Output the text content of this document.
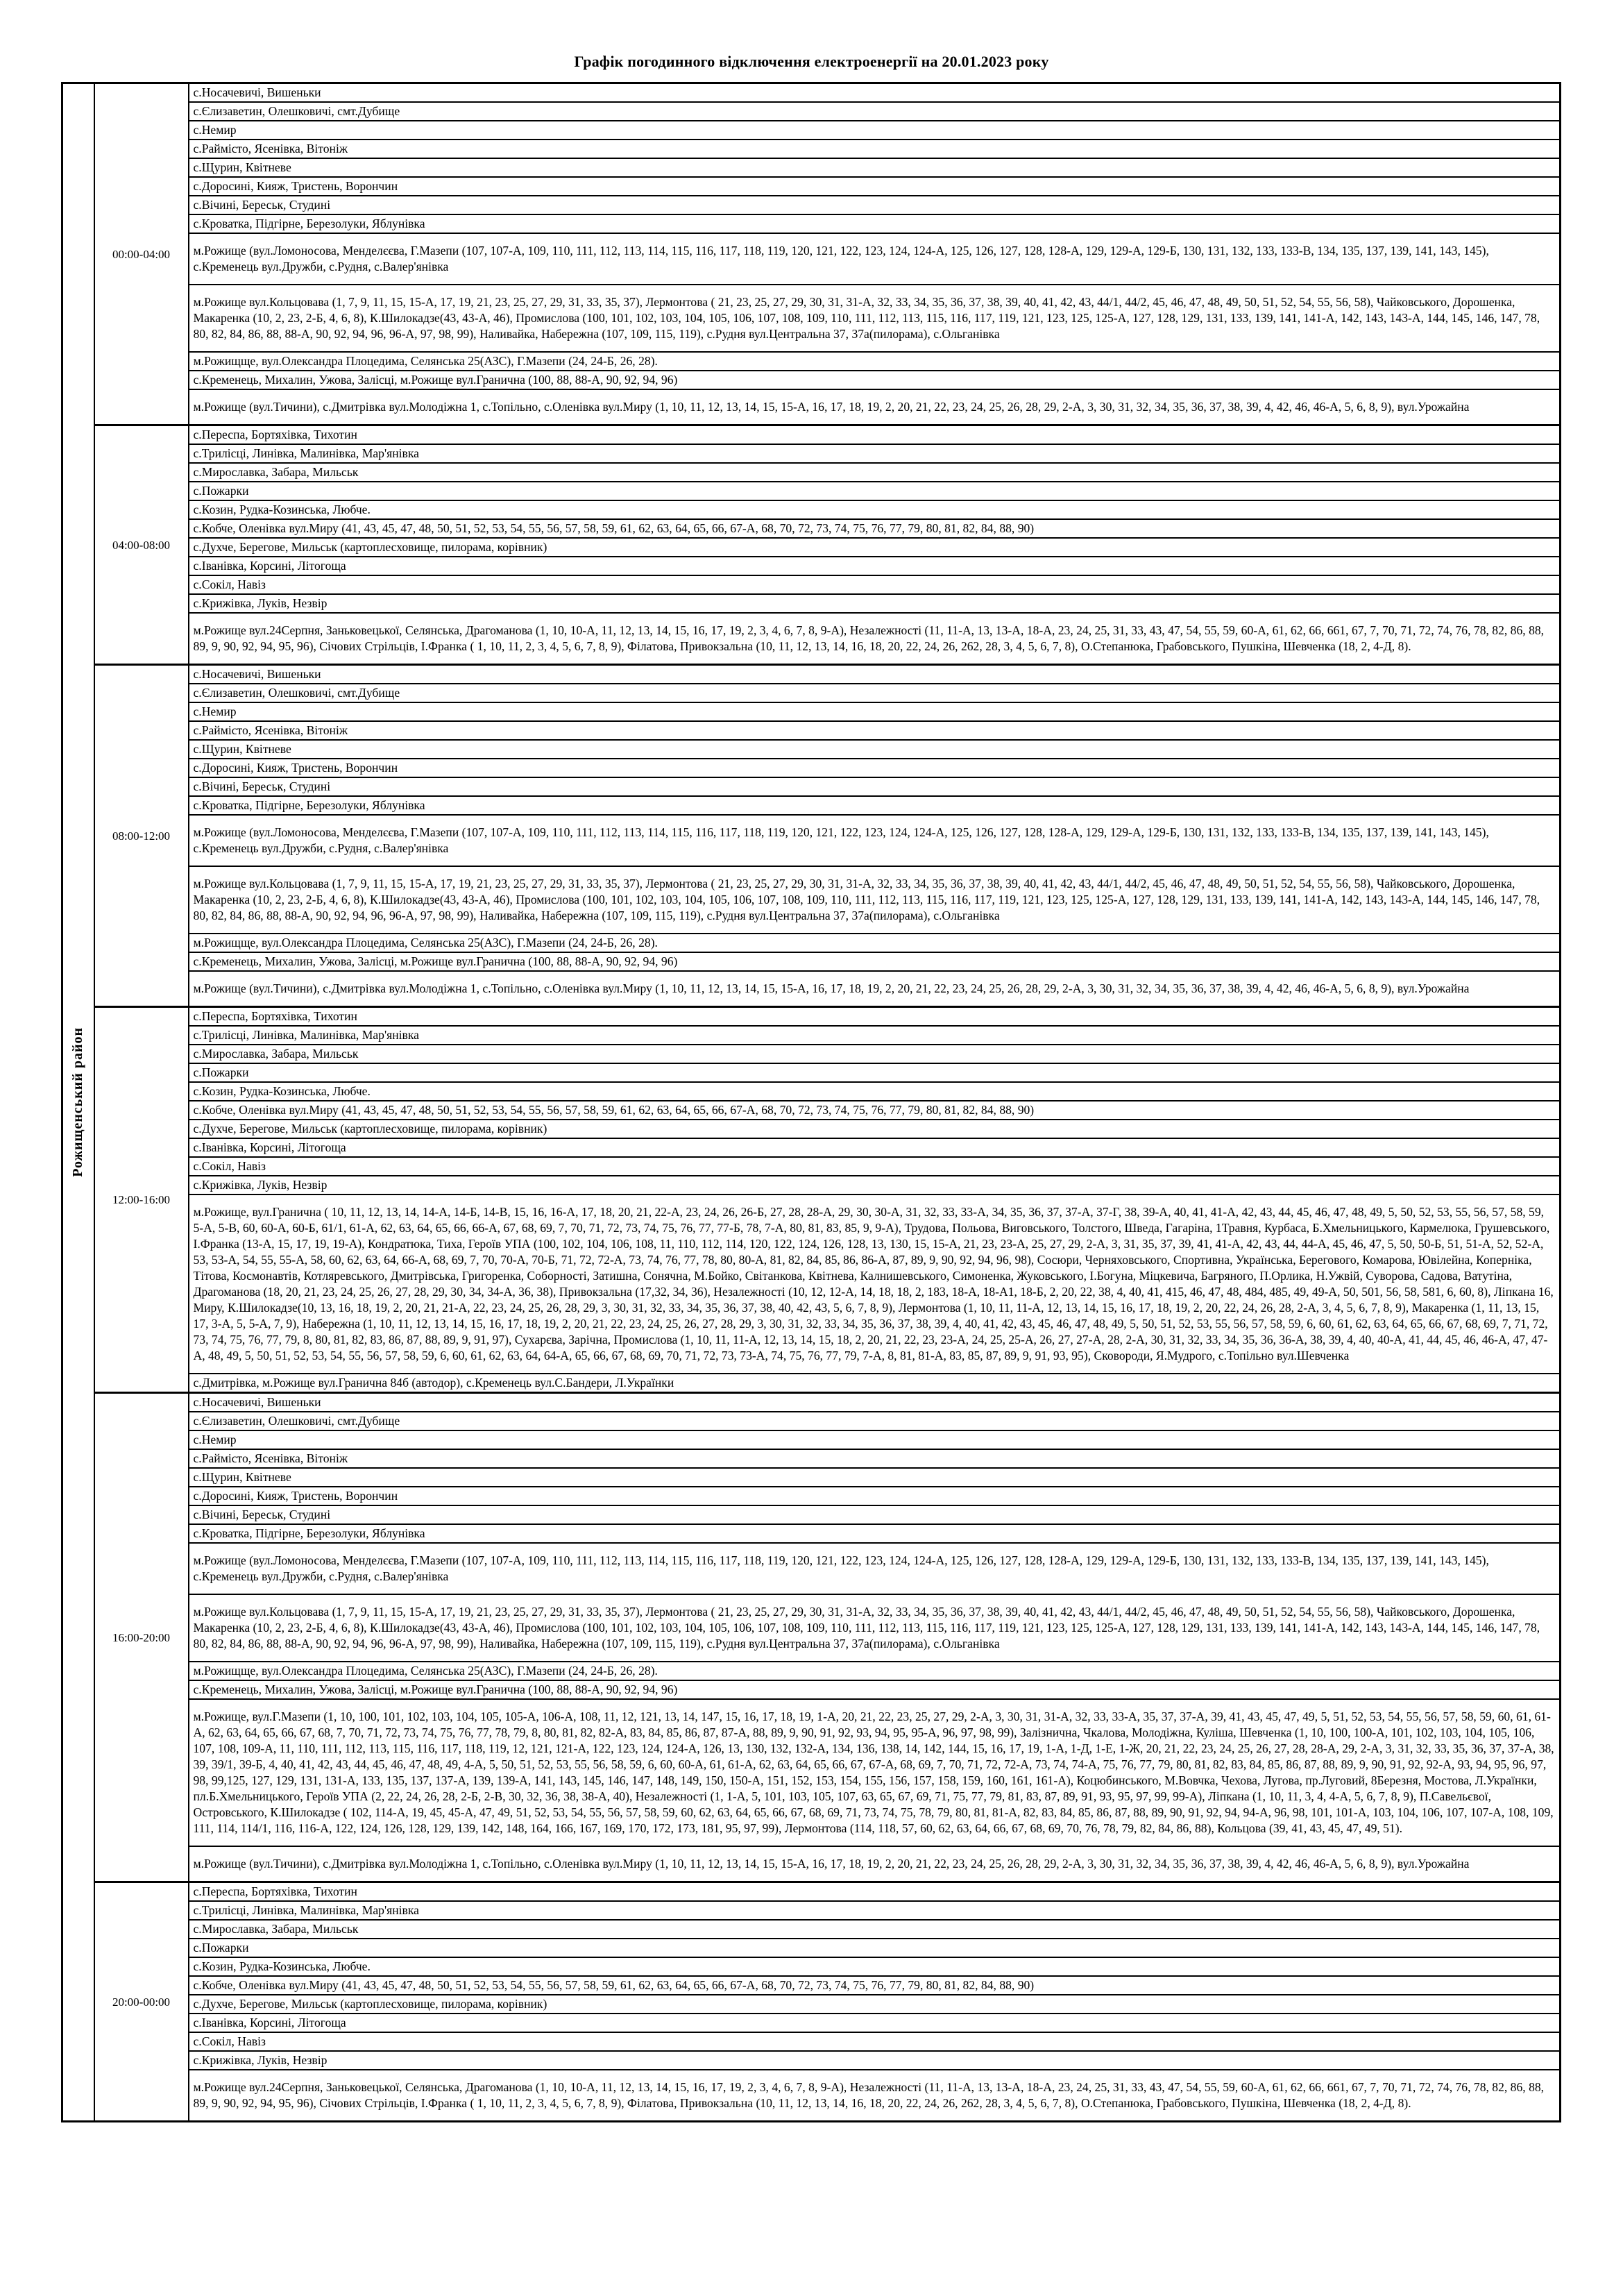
Графік погодинного відключення електроенергії на 20.01.2023 року
Рожищенський район	00:00-04:00	с.Носачевичі, Вишеньки
		с.Єлизаветин, Олешковичі, смт.Дубище
		с.Немир
		с.Раймісто, Ясенівка, Вітоніж
		с.Щурин, Квітневе
		с.Доросині, Кияж, Тристень, Ворончин
		с.Вічині, Береськ, Студині
		с.Кроватка, Підгірне, Березолуки, Яблунівка
		м.Рожище (вул.Ломоносова, Менделєєва, Г.Мазепи (107, 107-А, 109, 110, 111, 112, 113, 114, 115, 116, 117, 118, 119, 120, 121, 122, 123, 124, 124-А, 125, 126, 127, 128, 128-А, 129, 129-А, 129-Б, 130, 131, 132, 133, 133-В, 134, 135, 137, 139, 141, 143, 145), с.Кременець вул.Дружби, с.Рудня, с.Валер'янівка
		м.Рожище вул.Кольцовава (1, 7, 9, 11, 15, 15-А, 17, 19, 21, 23, 25, 27, 29, 31, 33, 35, 37), Лермонтова ( 21, 23, 25, 27, 29, 30, 31, 31-А, 32, 33, 34, 35, 36, 37, 38, 39, 40, 41, 42, 43, 44/1, 44/2, 45, 46, 47, 48, 49, 50, 51, 52, 54, 55, 56, 58), Чайковського, Дорошенка, Макаренка (10, 2, 23, 2-Б, 4, 6, 8), К.Шилокадзе(43, 43-А, 46), Промислова (100, 101, 102, 103, 104, 105, 106, 107, 108, 109, 110, 111, 112, 113, 115, 116, 117, 119, 121, 123, 125, 125-А, 127, 128, 129, 131, 133, 139, 141, 141-А, 142, 143, 143-А, 144, 145, 146, 147, 78, 80, 82, 84, 86, 88, 88-А, 90, 92, 94, 96, 96-А, 97, 98, 99), Наливайка, Набережна (107, 109, 115, 119), с.Рудня вул.Центральна 37, 37а(пилорама), с.Ольганівка
		м.Рожищще, вул.Олександра Плоцедима, Селянська 25(АЗС), Г.Мазепи (24, 24-Б, 26, 28).
		с.Кременець, Михалин, Ужова, Залісці, м.Рожище вул.Гранична (100, 88, 88-А, 90, 92, 94, 96)
		м.Рожище (вул.Тичини), с.Дмитрівка вул.Молодіжна 1, с.Топільно, с.Оленівка вул.Миру (1, 10, 11, 12, 13, 14, 15, 15-А, 16, 17, 18, 19, 2, 20, 21, 22, 23, 24, 25, 26, 28, 29, 2-А, 3, 30, 31, 32, 34, 35, 36, 37, 38, 39, 4, 42, 46, 46-А, 5, 6, 8, 9), вул.Урожайна
	04:00-08:00	с.Переспа, Бортяхівка, Тихотин
		с.Трилісці, Линівка, Малинівка, Мар'янівка
		с.Мирославка, Забара, Мильськ
		с.Пожарки
		с.Козин, Рудка-Козинська, Любче.
		с.Кобче, Оленівка вул.Миру (41, 43, 45, 47, 48, 50, 51, 52, 53, 54, 55, 56, 57, 58, 59, 61, 62, 63, 64, 65, 66, 67-А, 68, 70, 72, 73, 74, 75, 76, 77, 79, 80, 81, 82, 84, 88, 90)
		с.Духче, Берегове, Мильськ (картоплесховище, пилорама, корівник)
		с.Іванівка, Корсині, Літогоща
		с.Сокіл, Навіз
		с.Крижівка, Луків, Незвір
		м.Рожище вул.24Серпня, Заньковецької, Селянська, Драгоманова (1, 10, 10-А, 11, 12, 13, 14, 15, 16, 17, 19, 2, 3, 4, 6, 7, 8, 9-А), Незалежності (11, 11-А, 13, 13-А, 18-А, 23, 24, 25, 31, 33, 43, 47, 54, 55, 59, 60-А, 61, 62, 66, 661, 67, 7, 70, 71, 72, 74, 76, 78, 82, 86, 88, 89, 9, 90, 92, 94, 95, 96), Січових Стрільців, І.Франка ( 1, 10, 11, 2, 3, 4, 5, 6, 7, 8, 9), Філатова, Привокзальна (10, 11, 12, 13, 14, 16, 18, 20, 22, 24, 26, 262, 28, 3, 4, 5, 6, 7, 8), О.Степанюка, Грабовського, Пушкіна, Шевченка (18, 2, 4-Д, 8).
	08:00-12:00	с.Носачевичі, Вишеньки
		с.Єлизаветин, Олешковичі, смт.Дубище
		с.Немир
		с.Раймісто, Ясенівка, Вітоніж
		с.Щурин, Квітневе
		с.Доросині, Кияж, Тристень, Ворончин
		с.Вічині, Береськ, Студині
		с.Кроватка, Підгірне, Березолуки, Яблунівка
		м.Рожище (вул.Ломоносова, Менделєєва, Г.Мазепи (107, 107-А, 109, 110, 111, 112, 113, 114, 115, 116, 117, 118, 119, 120, 121, 122, 123, 124, 124-А, 125, 126, 127, 128, 128-А, 129, 129-А, 129-Б, 130, 131, 132, 133, 133-В, 134, 135, 137, 139, 141, 143, 145), с.Кременець вул.Дружби, с.Рудня, с.Валер'янівка
		м.Рожище вул.Кольцовава (1, 7, 9, 11, 15, 15-А, 17, 19, 21, 23, 25, 27, 29, 31, 33, 35, 37), Лермонтова ( 21, 23, 25, 27, 29, 30, 31, 31-А, 32, 33, 34, 35, 36, 37, 38, 39, 40, 41, 42, 43, 44/1, 44/2, 45, 46, 47, 48, 49, 50, 51, 52, 54, 55, 56, 58), Чайковського, Дорошенка, Макаренка (10, 2, 23, 2-Б, 4, 6, 8), К.Шилокадзе(43, 43-А, 46), Промислова (100, 101, 102, 103, 104, 105, 106, 107, 108, 109, 110, 111, 112, 113, 115, 116, 117, 119, 121, 123, 125, 125-А, 127, 128, 129, 131, 133, 139, 141, 141-А, 142, 143, 143-А, 144, 145, 146, 147, 78, 80, 82, 84, 86, 88, 88-А, 90, 92, 94, 96, 96-А, 97, 98, 99), Наливайка, Набережна (107, 109, 115, 119), с.Рудня вул.Центральна 37, 37а(пилорама), с.Ольганівка
		м.Рожищще, вул.Олександра Плоцедима, Селянська 25(АЗС), Г.Мазепи (24, 24-Б, 26, 28).
		с.Кременець, Михалин, Ужова, Залісці, м.Рожище вул.Гранична (100, 88, 88-А, 90, 92, 94, 96)
		м.Рожище (вул.Тичини), с.Дмитрівка вул.Молодіжна 1, с.Топільно, с.Оленівка вул.Миру (1, 10, 11, 12, 13, 14, 15, 15-А, 16, 17, 18, 19, 2, 20, 21, 22, 23, 24, 25, 26, 28, 29, 2-А, 3, 30, 31, 32, 34, 35, 36, 37, 38, 39, 4, 42, 46, 46-А, 5, 6, 8, 9), вул.Урожайна
	12:00-16:00	с.Переспа, Бортяхівка, Тихотин
		с.Трилісці, Линівка, Малинівка, Мар'янівка
		с.Мирославка, Забара, Мильськ
		с.Пожарки
		с.Козин, Рудка-Козинська, Любче.
		с.Кобче, Оленівка вул.Миру (41, 43, 45, 47, 48, 50, 51, 52, 53, 54, 55, 56, 57, 58, 59, 61, 62, 63, 64, 65, 66, 67-А, 68, 70, 72, 73, 74, 75, 76, 77, 79, 80, 81, 82, 84, 88, 90)
		с.Духче, Берегове, Мильськ (картоплесховище, пилорама, корівник)
		с.Іванівка, Корсині, Літогоща
		с.Сокіл, Навіз
		с.Крижівка, Луків, Незвір
		м.Рожище, вул.Гранична ( 10, 11, 12, 13, 14, 14-А, 14-Б, 14-В, 15, 16, 16-А, 17, 18, 20, 21, 22-А, 23, 24, 26, 26-Б, 27, 28, 28-А, 29, 30, 30-А, 31, 32, 33, 33-А, 34, 35, 36, 37, 37-А, 37-Г, 38, 39-А, 40, 41, 41-А, 42, 43, 44, 45, 46, 47, 48, 49, 5, 50, 52, 53, 55, 56, 57, 58, 59, 5-А, 5-В, 60, 60-А, 60-Б, 61/1, 61-А, 62, 63, 64, 65, 66, 66-А, 67, 68, 69, 7, 70, 71, 72, 73, 74, 75, 76, 77, 77-Б, 78, 7-А, 80, 81, 83, 85, 9, 9-А), Трудова, Польова, Виговського, Толстого, Шведа, Гагаріна, 1Травня, Курбаса, Б.Хмельницького, Кармелюка, Грушевського, І.Франка (13-А, 15, 17, 19, 19-А), Кондратюка, Тиха, Героїв УПА (100, 102, 104, 106, 108, 11, 110, 112, 114, 120, 122, 124, 126, 128, 13, 130, 15, 15-А, 21, 23, 23-А, 25, 27, 29, 2-А, 3, 31, 35, 37, 39, 41, 41-А, 42, 43, 44, 44-А, 45, 46, 47, 5, 50, 50-Б, 51, 51-А, 52, 52-А, 53, 53-А, 54, 55, 55-А, 58, 60, 62, 63, 64, 66-А, 68, 69, 7, 70, 70-А, 70-Б, 71, 72, 72-А, 73, 74, 76, 77, 78, 80, 80-А, 81, 82, 84, 85, 86, 86-А, 87, 89, 9, 90, 92, 94, 96, 98), Сосюри, Черняховського, Спортивна, Українська, Берегового, Комарова, Ювілейна, Коперніка, Тітова, Космонавтів, Котляревського, Дмитрівська, Григоренка, Соборності, Затишна, Сонячна, М.Бойко, Світанкова, Квітнева, Калнишевського, Симоненка, Жуковського, І.Богуна, Міцкевича, Багряного, П.Орлика, Н.Ужвій, Суворова, Садова, Ватутіна, Драгоманова (18, 20, 21, 23, 24, 25, 26, 27, 28, 29, 30, 34, 34-А, 36, 38), Привокзальна (17,32, 34, 36), Незалежності (10, 12, 12-А, 14, 18, 18, 2, 183, 18-А, 18-А1, 18-Б, 2, 20, 22, 38, 4, 40, 41, 415, 46, 47, 48, 484, 485, 49, 49-А, 50, 501, 56, 58, 581, 6, 60, 8), Ліпкана 16, Миру, К.Шилокадзе(10, 13, 16, 18, 19, 2, 20, 21, 21-А, 22, 23, 24, 25, 26, 28, 29, 3, 30, 31, 32, 33, 34, 35, 36, 37, 38, 40, 42, 43, 5, 6, 7, 8, 9), Лермонтова (1, 10, 11, 11-А, 12, 13, 14, 15, 16, 17, 18, 19, 2, 20, 22, 24, 26, 28, 2-А, 3, 4, 5, 6, 7, 8, 9), Макаренка (1, 11, 13, 15, 17, 3-А, 5, 5-А, 7, 9), Набережна (1, 10, 11, 12, 13, 14, 15, 16, 17, 18, 19, 2, 20, 21, 22, 23, 24, 25, 26, 27, 28, 29, 3, 30, 31, 32, 33, 34, 35, 36, 37, 38, 39, 4, 40, 41, 42, 43, 45, 46, 47, 48, 49, 5, 50, 51, 52, 53, 55, 56, 57, 58, 59, 6, 60, 61, 62, 63, 64, 65, 66, 67, 68, 69, 7, 71, 72, 73, 74, 75, 76, 77, 79, 8, 80, 81, 82, 83, 86, 87, 88, 89, 9, 91, 97), Сухарєва, Зарічна, Промислова (1, 10, 11, 11-А, 12, 13, 14, 15, 18, 2, 20, 21, 22, 23, 23-А, 24, 25, 25-А, 26, 27, 27-А, 28, 2-А, 30, 31, 32, 33, 34, 35, 36, 36-А, 38, 39, 4, 40, 40-А, 41, 44, 45, 46, 46-А, 47, 47-А, 48, 49, 5, 50, 51, 52, 53, 54, 55, 56, 57, 58, 59, 6, 60, 61, 62, 63, 64, 64-А, 65, 66, 67, 68, 69, 70, 71, 72, 73, 73-А, 74, 75, 76, 77, 79, 7-А, 8, 81, 81-А, 83, 85, 87, 89, 9, 91, 93, 95), Сковороди, Я.Мудрого, с.Топільно вул.Шевченка
		с.Дмитрівка, м.Рожище вул.Гранична 84б (автодор), с.Кременець вул.С.Бандери, Л.Українки
	16:00-20:00	с.Носачевичі, Вишеньки
		с.Єлизаветин, Олешковичі, смт.Дубище
		с.Немир
		с.Раймісто, Ясенівка, Вітоніж
		с.Щурин, Квітневе
		с.Доросині, Кияж, Тристень, Ворончин
		с.Вічині, Береськ, Студині
		с.Кроватка, Підгірне, Березолуки, Яблунівка
		м.Рожище (вул.Ломоносова, Менделєєва, Г.Мазепи (107, 107-А, 109, 110, 111, 112, 113, 114, 115, 116, 117, 118, 119, 120, 121, 122, 123, 124, 124-А, 125, 126, 127, 128, 128-А, 129, 129-А, 129-Б, 130, 131, 132, 133, 133-В, 134, 135, 137, 139, 141, 143, 145), с.Кременець вул.Дружби, с.Рудня, с.Валер'янівка
		м.Рожище вул.Кольцовава (1, 7, 9, 11, 15, 15-А, 17, 19, 21, 23, 25, 27, 29, 31, 33, 35, 37), Лермонтова ( 21, 23, 25, 27, 29, 30, 31, 31-А, 32, 33, 34, 35, 36, 37, 38, 39, 40, 41, 42, 43, 44/1, 44/2, 45, 46, 47, 48, 49, 50, 51, 52, 54, 55, 56, 58), Чайковського, Дорошенка, Макаренка (10, 2, 23, 2-Б, 4, 6, 8), К.Шилокадзе(43, 43-А, 46), Промислова (100, 101, 102, 103, 104, 105, 106, 107, 108, 109, 110, 111, 112, 113, 115, 116, 117, 119, 121, 123, 125, 125-А, 127, 128, 129, 131, 133, 139, 141, 141-А, 142, 143, 143-А, 144, 145, 146, 147, 78, 80, 82, 84, 86, 88, 88-А, 90, 92, 94, 96, 96-А, 97, 98, 99), Наливайка, Набережна (107, 109, 115, 119), с.Рудня вул.Центральна 37, 37а(пилорама), с.Ольганівка
		м.Рожищще, вул.Олександра Плоцедима, Селянська 25(АЗС), Г.Мазепи (24, 24-Б, 26, 28).
		с.Кременець, Михалин, Ужова, Залісці, м.Рожище вул.Гранична (100, 88, 88-А, 90, 92, 94, 96)
		м.Рожище, вул.Г.Мазепи (1, 10, 100, 101, 102, 103, 104, 105, 105-А, 106-А, 108, 11, 12, 121, 13, 14, 147, 15, 16, 17, 18, 19, 1-А, 20, 21, 22, 23, 25, 27, 29, 2-А, 3, 30, 31, 31-А, 32, 33, 33-А, 35, 37, 37-А, 39, 41, 43, 45, 47, 49, 5, 51, 52, 53, 54, 55, 56, 57, 58, 59, 60, 61, 61-А, 62, 63, 64, 65, 66, 67, 68, 7, 70, 71, 72, 73, 74, 75, 76, 77, 78, 79, 8, 80, 81, 82, 82-А, 83, 84, 85, 86, 87, 87-А, 88, 89, 9, 90, 91, 92, 93, 94, 95, 95-А, 96, 97, 98, 99), Залізнична, Чкалова, Молодіжна, Куліша, Шевченка (1, 10, 100, 100-А, 101, 102, 103, 104, 105, 106, 107, 108, 109-А, 11, 110, 111, 112, 113, 115, 116, 117, 118, 119, 12, 121, 121-А, 122, 123, 124, 124-А, 126, 13, 130, 132, 132-А, 134, 136, 138, 14, 142, 144, 15, 16, 17, 19, 1-А, 1-Д, 1-Е, 1-Ж, 20, 21, 22, 23, 24, 25, 26, 27, 28, 28-А, 29, 2-А, 3, 31, 32, 33, 35, 36, 37, 37-А, 38, 39, 39/1, 39-Б, 4, 40, 41, 42, 43, 44, 45, 46, 47, 48, 49, 4-А, 5, 50, 51, 52, 53, 55, 56, 58, 59, 6, 60, 60-А, 61, 61-А, 62, 63, 64, 65, 66, 67, 67-А, 68, 69, 7, 70, 71, 72, 72-А, 73, 74, 74-А, 75, 76, 77, 79, 80, 81, 82, 83, 84, 85, 86, 87, 88, 89, 9, 90, 91, 92, 92-А, 93, 94, 95, 96, 97, 98, 99,125, 127, 129, 131, 131-А, 133, 135, 137, 137-А, 139, 139-А, 141, 143, 145, 146, 147, 148, 149, 150, 150-А, 151, 152, 153, 154, 155, 156, 157, 158, 159, 160, 161, 161-А), Коцюбинського, М.Вовчка, Чехова, Лугова, пр.Луговий, 8Березня, Мостова, Л.Українки, пл.Б.Хмельницького, Героїв УПА (2, 22, 24, 26, 28, 2-Б, 2-В, 30, 32, 36, 38, 38-А, 40), Незалежності (1, 1-А, 5, 101, 103, 105, 107, 63, 65, 67, 69, 71, 75, 77, 79, 81, 83, 87, 89, 91, 93, 95, 97, 99, 99-А), Ліпкана (1, 10, 11, 3, 4, 4-А, 5, 6, 7, 8, 9), П.Савельєвої, Островського, К.Шилокадзе ( 102, 114-А, 19, 45, 45-А, 47, 49, 51, 52, 53, 54, 55, 56, 57, 58, 59, 60, 62, 63, 64, 65, 66, 67, 68, 69, 71, 73, 74, 75, 78, 79, 80, 81, 81-А, 82, 83, 84, 85, 86, 87, 88, 89, 90, 91, 92, 94, 94-А, 96, 98, 101, 101-А, 103, 104, 106, 107, 107-А, 108, 109, 111, 114, 114/1, 116, 116-А, 122, 124, 126, 128, 129, 139, 142, 148, 164, 166, 167, 169, 170, 172, 173, 181, 95, 97, 99), Лермонтова (114, 118, 57, 60, 62, 63, 64, 66, 67, 68, 69, 70, 76, 78, 79, 82, 84, 86, 88), Кольцова (39, 41, 43, 45, 47, 49, 51).
		м.Рожище (вул.Тичини), с.Дмитрівка вул.Молодіжна 1, с.Топільно, с.Оленівка вул.Миру (1, 10, 11, 12, 13, 14, 15, 15-А, 16, 17, 18, 19, 2, 20, 21, 22, 23, 24, 25, 26, 28, 29, 2-А, 3, 30, 31, 32, 34, 35, 36, 37, 38, 39, 4, 42, 46, 46-А, 5, 6, 8, 9), вул.Урожайна
	20:00-00:00	с.Переспа, Бортяхівка, Тихотин
		с.Трилісці, Линівка, Малинівка, Мар'янівка
		с.Мирославка, Забара, Мильськ
		с.Пожарки
		с.Козин, Рудка-Козинська, Любче.
		с.Кобче, Оленівка вул.Миру (41, 43, 45, 47, 48, 50, 51, 52, 53, 54, 55, 56, 57, 58, 59, 61, 62, 63, 64, 65, 66, 67-А, 68, 70, 72, 73, 74, 75, 76, 77, 79, 80, 81, 82, 84, 88, 90)
		с.Духче, Берегове, Мильськ (картоплесховище, пилорама, корівник)
		с.Іванівка, Корсині, Літогоща
		с.Сокіл, Навіз
		с.Крижівка, Луків, Незвір
		м.Рожище вул.24Серпня, Заньковецької, Селянська, Драгоманова (1, 10, 10-А, 11, 12, 13, 14, 15, 16, 17, 19, 2, 3, 4, 6, 7, 8, 9-А), Незалежності (11, 11-А, 13, 13-А, 18-А, 23, 24, 25, 31, 33, 43, 47, 54, 55, 59, 60-А, 61, 62, 66, 661, 67, 7, 70, 71, 72, 74, 76, 78, 82, 86, 88, 89, 9, 90, 92, 94, 95, 96), Січових Стрільців, І.Франка ( 1, 10, 11, 2, 3, 4, 5, 6, 7, 8, 9), Філатова, Привокзальна (10, 11, 12, 13, 14, 16, 18, 20, 22, 24, 26, 262, 28, 3, 4, 5, 6, 7, 8), О.Степанюка, Грабовського, Пушкіна, Шевченка (18, 2, 4-Д, 8).
